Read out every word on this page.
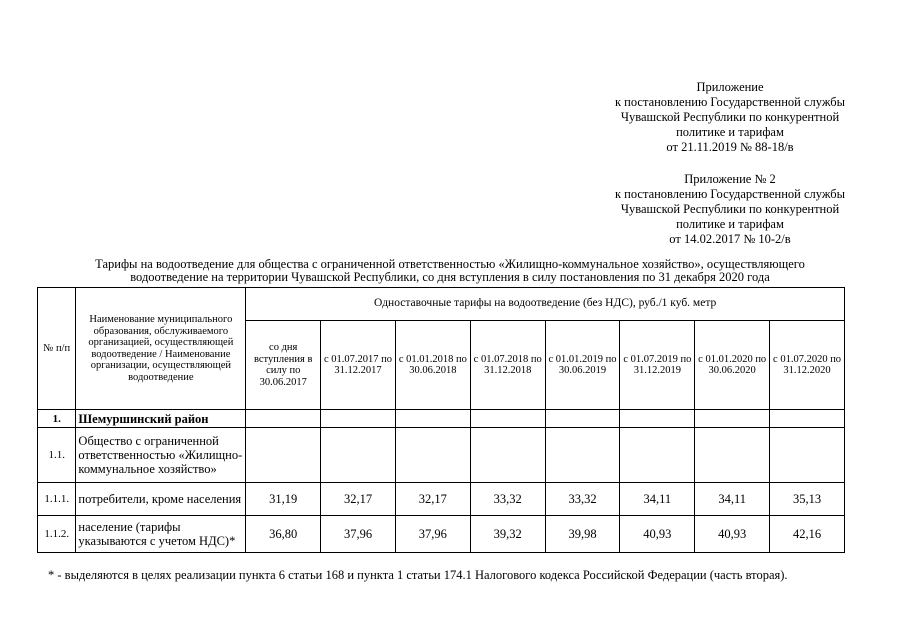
Приложение
к постановлению Государственной службы
Чувашской Республики по конкурентной
политике и тарифам
от 21.11.2019 № 88-18/в
Приложение № 2
к постановлению Государственной службы
Чувашской Республики по конкурентной
политике и тарифам
от 14.02.2017 № 10-2/в
Тарифы на водоотведение для общества с ограниченной ответственностью «Жилищно-коммунальное хозяйство», осуществляющего
водоотведение на территории Чувашской Республики, со дня вступления в силу постановления по 31 декабря 2020 года
№ п/п	Наименование муниципального образования, обслуживаемого организацией, осуществляющей водоотведение / Наименование организации, осуществляющей водоотведение	Одноставочные тарифы на водоотведение (без НДС), руб./1 куб. метр							
		со дня вступления в силу по 30.06.2017	с 01.07.2017 по 31.12.2017	с 01.01.2018 по 30.06.2018	с 01.07.2018 по 31.12.2018	с 01.01.2019 по 30.06.2019	с 01.07.2019 по 31.12.2019	с 01.01.2020 по 30.06.2020	с 01.07.2020 по 31.12.2020
1.	Шемуршинский район								
1.1.	Общество с ограниченной ответственностью «Жилищно-коммунальное хозяйство»								
1.1.1.	потребители, кроме населения	31,19	32,17	32,17	33,32	33,32	34,11	34,11	35,13
1.1.2.	население (тарифы указываются с учетом НДС)*	36,80	37,96	37,96	39,32	39,98	40,93	40,93	42,16
* - выделяются в целях реализации пункта 6 статьи 168 и пункта 1 статьи 174.1 Налогового кодекса Российской Федерации (часть вторая).
